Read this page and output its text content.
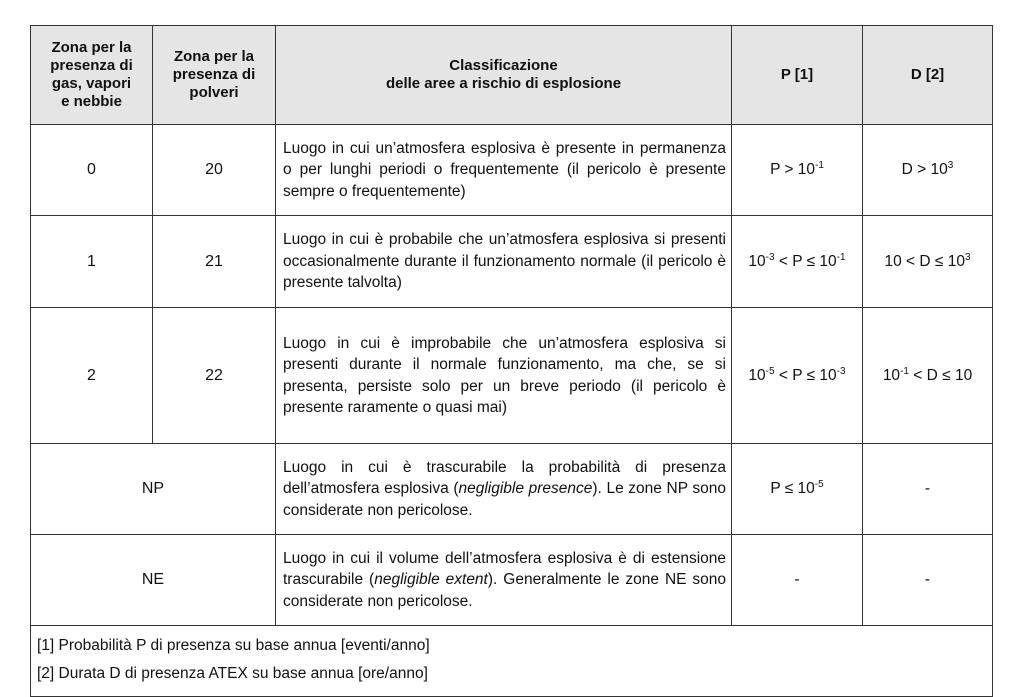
Zona per la
presenza di
gas, vapori
e nebbie	Zona per la
presenza di
polveri	Classificazione
delle aree a rischio di esplosione	P [1]	D [2]
0	20	Luogo in cui un’atmosfera esplosiva è presente in permanenza o per lunghi periodi o frequentemente (il pericolo è presente sempre o frequentemente)	$P > 10^{-1}$	$D > 10^3$
1	21	Luogo in cui è probabile che un’atmosfera esplosiva si presenti occasionalmente durante il funzionamento normale (il pericolo è presente talvolta)	$10^{-3} < P \le 10^{-1}$	$10 < D \le 10^3$
2	22	Luogo in cui è improbabile che un’atmosfera esplosiva si presenti durante il normale funzionamento, ma che, se si presenta, persiste solo per un breve periodo (il pericolo è presente raramente o quasi mai)	$10^{-5} < P \le 10^{-3}$	$10^{-1} < D \le 10$
NP		Luogo in cui è trascurabile la probabilità di presenza dell’atmosfera esplosiva (negligible presence). Le zone NP sono considerate non pericolose.	$P \le 10^{-5}$	-
NE		Luogo in cui il volume dell’atmosfera esplosiva è di estensione trascurabile (negligible extent). Generalmente le zone NE sono considerate non pericolose.	-	-

[1] Probabilità P di presenza su base annua [eventi/anno]
[2] Durata D di presenza ATEX su base annua [ore/anno]				
